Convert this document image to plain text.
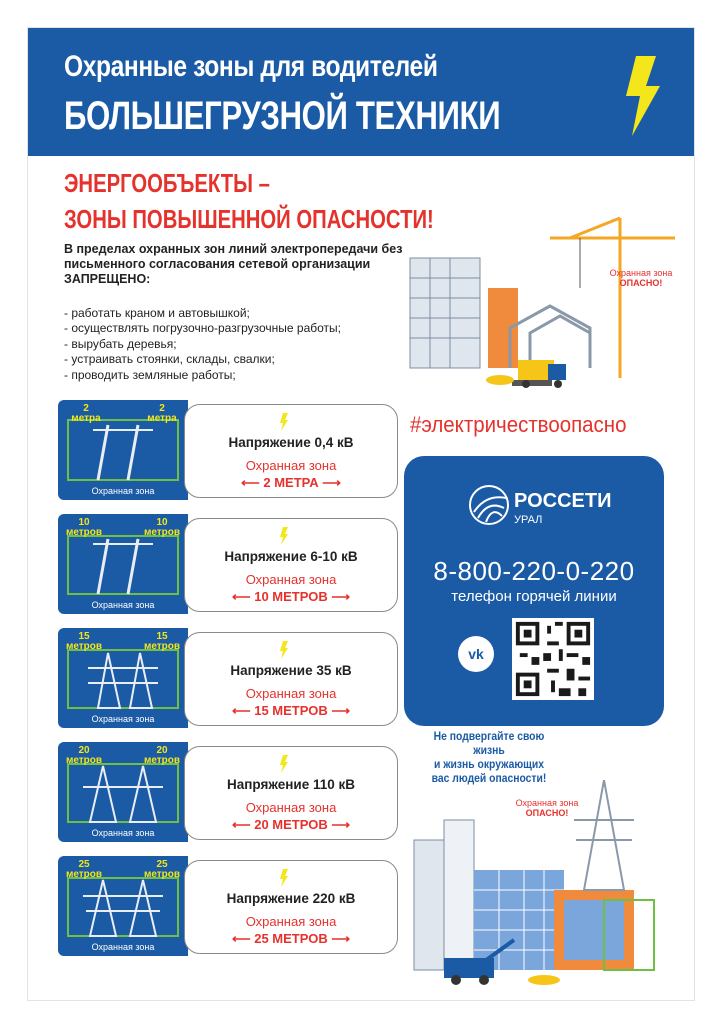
Охранные зоны для водителей
БОЛЬШЕГРУЗНОЙ ТЕХНИКИ
ЭНЕРГООБЪЕКТЫ –
ЗОНЫ ПОВЫШЕННОЙ ОПАСНОСТИ!
В пределах охранных зон линий электропередачи без письменного согласования сетевой организации ЗАПРЕЩЕНО:
- работать краном и автовышкой;
- осуществлять погрузочно-разгрузочные работы;
- вырубать деревья;
- устраивать стоянки, склады, свалки;
- проводить земляные работы;
Охранная зона
ОПАСНО!
2
метра
2
метра
Охранная зона
Напряжение 0,4 кВ
Охранная зона
⟵ 2 МЕТРА ⟶
10
метров
10
метров
Охранная зона
Напряжение 6-10 кВ
Охранная зона
⟵ 10 МЕТРОВ ⟶
15
метров
15
метров
Охранная зона
Напряжение 35 кВ
Охранная зона
⟵ 15 МЕТРОВ ⟶
20
метров
20
метров
Охранная зона
Напряжение 110 кВ
Охранная зона
⟵ 20 МЕТРОВ ⟶
25
метров
25
метров
Охранная зона
Напряжение 220 кВ
Охранная зона
⟵ 25 МЕТРОВ ⟶
#электричествоопасно
РОССЕТИ
УРАЛ
8-800-220-0-220
телефон горячей линии
vk
Не подвергайте свою жизнь
и жизнь окружающих
вас людей опасности!
Охранная зона
ОПАСНО!
